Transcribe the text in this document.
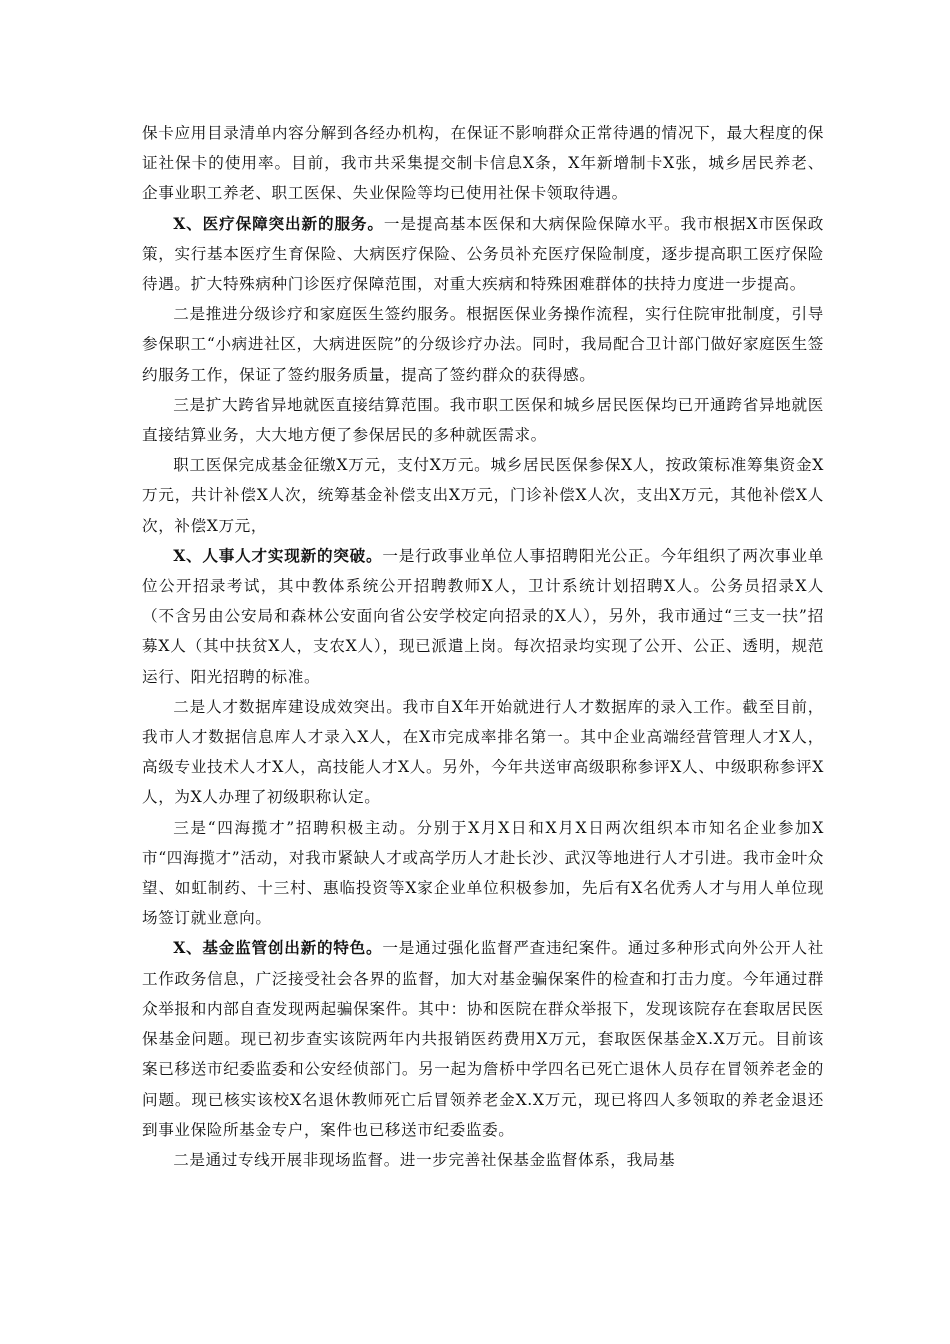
保卡应用目录清单内容分解到各经办机构，在保证不影响群众正常待遇的情况下，最大程度的保证社保卡的使用率。目前，我市共采集提交制卡信息X条，X年新增制卡X张，城乡居民养老、企事业职工养老、职工医保、失业保险等均已使用社保卡领取待遇。

X、医疗保障突出新的服务。一是提高基本医保和大病保险保障水平。我市根据X市医保政策，实行基本医疗生育保险、大病医疗保险、公务员补充医疗保险制度，逐步提高职工医疗保险待遇。扩大特殊病种门诊医疗保障范围，对重大疾病和特殊困难群体的扶持力度进一步提高。

二是推进分级诊疗和家庭医生签约服务。根据医保业务操作流程，实行住院审批制度，引导参保职工“小病进社区，大病进医院”的分级诊疗办法。同时，我局配合卫计部门做好家庭医生签约服务工作，保证了签约服务质量，提高了签约群众的获得感。

三是扩大跨省异地就医直接结算范围。我市职工医保和城乡居民医保均已开通跨省异地就医直接结算业务，大大地方便了参保居民的多种就医需求。

职工医保完成基金征缴X万元，支付X万元。城乡居民医保参保X人，按政策标准筹集资金X万元，共计补偿X人次，统筹基金补偿支出X万元，门诊补偿X人次，支出X万元，其他补偿X人次，补偿X万元，

X、人事人才实现新的突破。一是行政事业单位人事招聘阳光公正。今年组织了两次事业单位公开招录考试，其中教体系统公开招聘教师X人，卫计系统计划招聘X人。公务员招录X人（不含另由公安局和森林公安面向省公安学校定向招录的X人），另外，我市通过“三支一扶”招募X人（其中扶贫X人，支农X人），现已派遣上岗。每次招录均实现了公开、公正、透明，规范运行、阳光招聘的标准。

二是人才数据库建设成效突出。我市自X年开始就进行人才数据库的录入工作。截至目前，我市人才数据信息库人才录入X人，在X市完成率排名第一。其中企业高端经营管理人才X人，高级专业技术人才X人，高技能人才X人。另外，今年共送审高级职称参评X人、中级职称参评X人，为X人办理了初级职称认定。

三是“四海揽才”招聘积极主动。分别于X月X日和X月X日两次组织本市知名企业参加X市“四海揽才”活动，对我市紧缺人才或高学历人才赴长沙、武汉等地进行人才引进。我市金叶众望、如虹制药、十三村、惠临投资等X家企业单位积极参加，先后有X名优秀人才与用人单位现场签订就业意向。

X、基金监管创出新的特色。一是通过强化监督严查违纪案件。通过多种形式向外公开人社工作政务信息，广泛接受社会各界的监督，加大对基金骗保案件的检查和打击力度。今年通过群众举报和内部自查发现两起骗保案件。其中：协和医院在群众举报下，发现该院存在套取居民医保基金问题。现已初步查实该院两年内共报销医药费用X万元，套取医保基金X.X万元。目前该案已移送市纪委监委和公安经侦部门。另一起为詹桥中学四名已死亡退休人员存在冒领养老金的问题。现已核实该校X名退休教师死亡后冒领养老金X.X万元，现已将四人多领取的养老金退还到事业保险所基金专户，案件也已移送市纪委监委。

二是通过专线开展非现场监督。进一步完善社保基金监督体系，我局基
